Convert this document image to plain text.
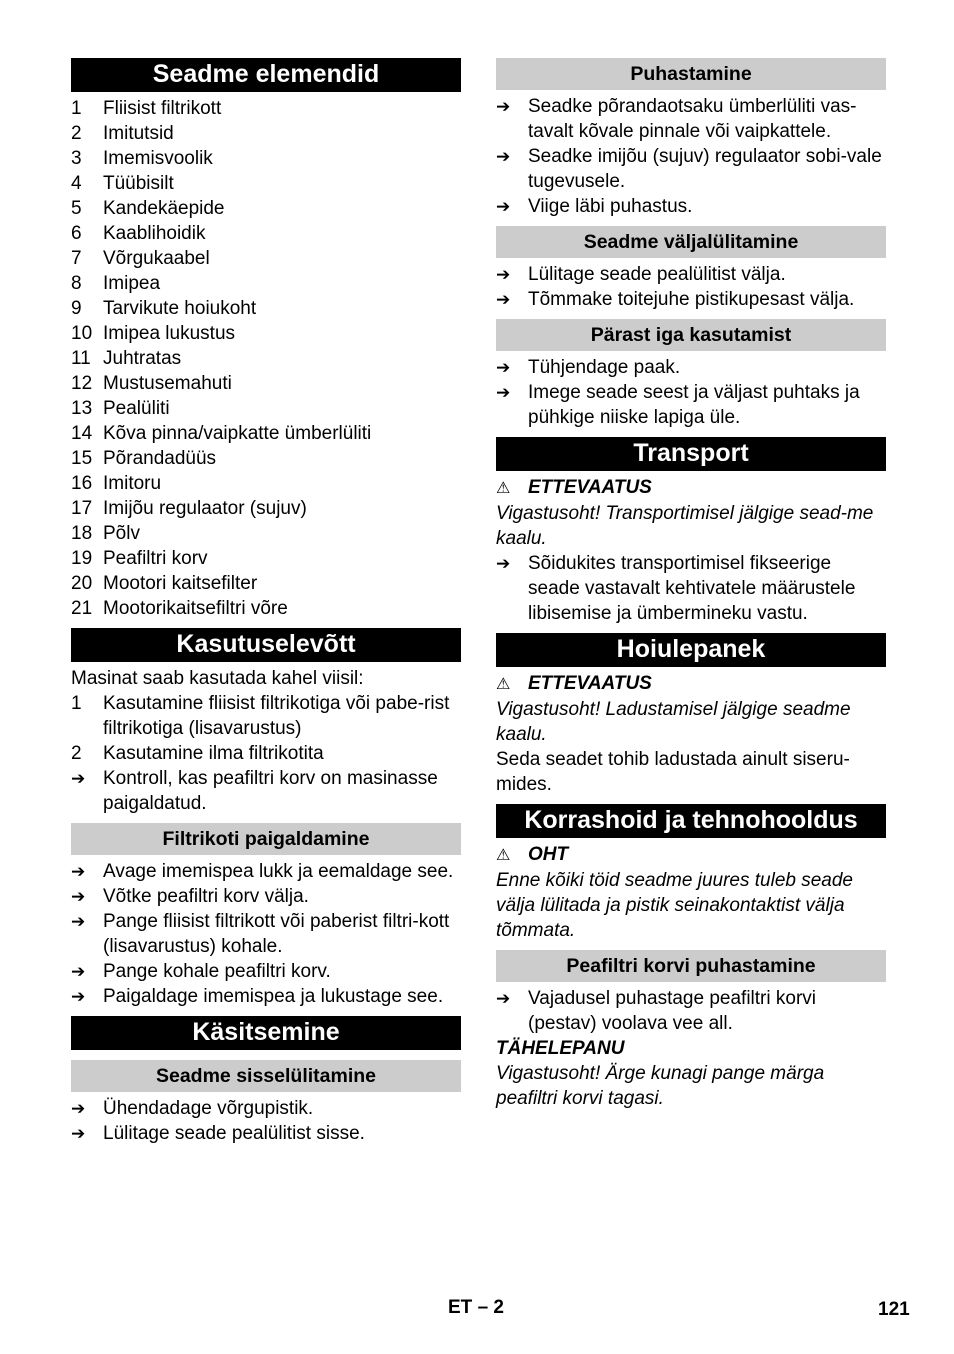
Seadme elemendid
1	Fliisist filtrikott
2	Imitutsid
3	Imemisvoolik
4	Tüübisilt
5	Kandekäepide
6	Kaablihoidik
7	Võrgukaabel
8	Imipea
9	Tarvikute hoiukoht
10 Imipea lukustus
11 Juhtratas
12 Mustusemahuti
13 Pealüliti
14 Kõva pinna/vaipkatte ümberlüliti
15 Põrandadüüs
16 Imitoru
17 Imijõu regulaator (sujuv)
18 Põlv
19 Peafiltri korv
20 Mootori kaitsefilter
21 Mootorikaitsefiltri võre
Kasutuselevõtt
Masinat saab kasutada kahel viisil:
1	Kasutamine fliisist filtrikotiga või pabe-rist filtrikotiga (lisavarustus)
2	Kasutamine ilma filtrikotita
➔ Kontroll, kas peafiltri korv on masinasse paigaldatud.
Filtrikoti paigaldamine
➔ Avage imemispea lukk ja eemaldage see.
➔ Võtke peafiltri korv välja.
➔ Pange fliisist filtrikott või paberist filtri-kott (lisavarustus) kohale.
➔ Pange kohale peafiltri korv.
➔ Paigaldage imemispea ja lukustage see.
Käsitsemine
Seadme sisselülitamine
➔ Ühendadage võrgupistik.
➔ Lülitage seade pealülitist sisse.
Puhastamine
➔ Seadke põrandaotsaku ümberlüliti vas-tavalt kõvale pinnale või vaipkattele.
➔ Seadke imijõu (sujuv) regulaator sobi-vale tugevusele.
➔ Viige läbi puhastus.
Seadme väljalülitamine
➔ Lülitage seade pealülitist välja.
➔ Tõmmake toitejuhe pistikupesast välja.
Pärast iga kasutamist
➔ Tühjendage paak.
➔ Imege seade seest ja väljast puhtaks ja pühkige niiske lapiga üle.
Transport
⚠ ETTEVAATUS
Vigastusoht! Transportimisel jälgige sead-me kaalu.
➔ Sõidukites transportimisel fikseerige seade vastavalt kehtivatele määrustele libisemise ja ümbermineku vastu.
Hoiulepanek
⚠ ETTEVAATUS
Vigastusoht! Ladustamisel jälgige seadme kaalu.
Seda seadet tohib ladustada ainult siseru-mides.
Korrashoid ja tehnohooldus
⚠ OHT
Enne kõiki töid seadme juures tuleb seade välja lülitada ja pistik seinakontaktist välja tõmmata.
Peafiltri korvi puhastamine
➔ Vajadusel puhastage peafiltri korvi (pestav) voolava vee all.
TÄHELEPANU
Vigastusoht! Ärge kunagi pange märga peafiltri korvi tagasi.
ET – 2	121
